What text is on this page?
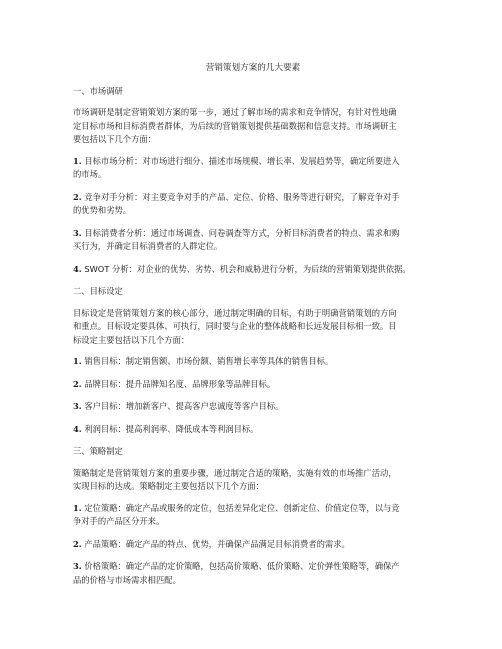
营销策划方案的几大要素
一、市场调研
市场调研是制定营销策划方案的第一步，通过了解市场的需求和竞争情况，有针对性地确
定目标市场和目标消费者群体，为后续的营销策划提供基础数据和信息支持。市场调研主
要包括以下几个方面：
1. 目标市场分析：对市场进行细分、描述市场规模、增长率、发展趋势等，确定所要进入
的市场。
2. 竞争对手分析：对主要竞争对手的产品、定位、价格、服务等进行研究，了解竞争对手
的优势和劣势。
3. 目标消费者分析：通过市场调查、问卷调查等方式，分析目标消费者的特点、需求和购
买行为，并确定目标消费者的人群定位。
4. SWOT 分析：对企业的优势、劣势、机会和威胁进行分析，为后续的营销策划提供依据。
二、目标设定
目标设定是营销策划方案的核心部分，通过制定明确的目标，有助于明确营销策划的方向
和重点。目标设定要具体、可执行，同时要与企业的整体战略和长远发展目标相一致。目
标设定主要包括以下几个方面：
1. 销售目标：制定销售额、市场份额、销售增长率等具体的销售目标。
2. 品牌目标：提升品牌知名度、品牌形象等品牌目标。
3. 客户目标：增加新客户、提高客户忠诚度等客户目标。
4. 利润目标：提高利润率、降低成本等利润目标。
三、策略制定
策略制定是营销策划方案的重要步骤，通过制定合适的策略，实施有效的市场推广活动，
实现目标的达成。策略制定主要包括以下几个方面：
1. 定位策略：确定产品或服务的定位，包括差异化定位、创新定位、价值定位等，以与竞
争对手的产品区分开来。
2. 产品策略：确定产品的特点、优势，并确保产品满足目标消费者的需求。
3. 价格策略：确定产品的定价策略，包括高价策略、低价策略、定价弹性策略等，确保产
品的价格与市场需求相匹配。
